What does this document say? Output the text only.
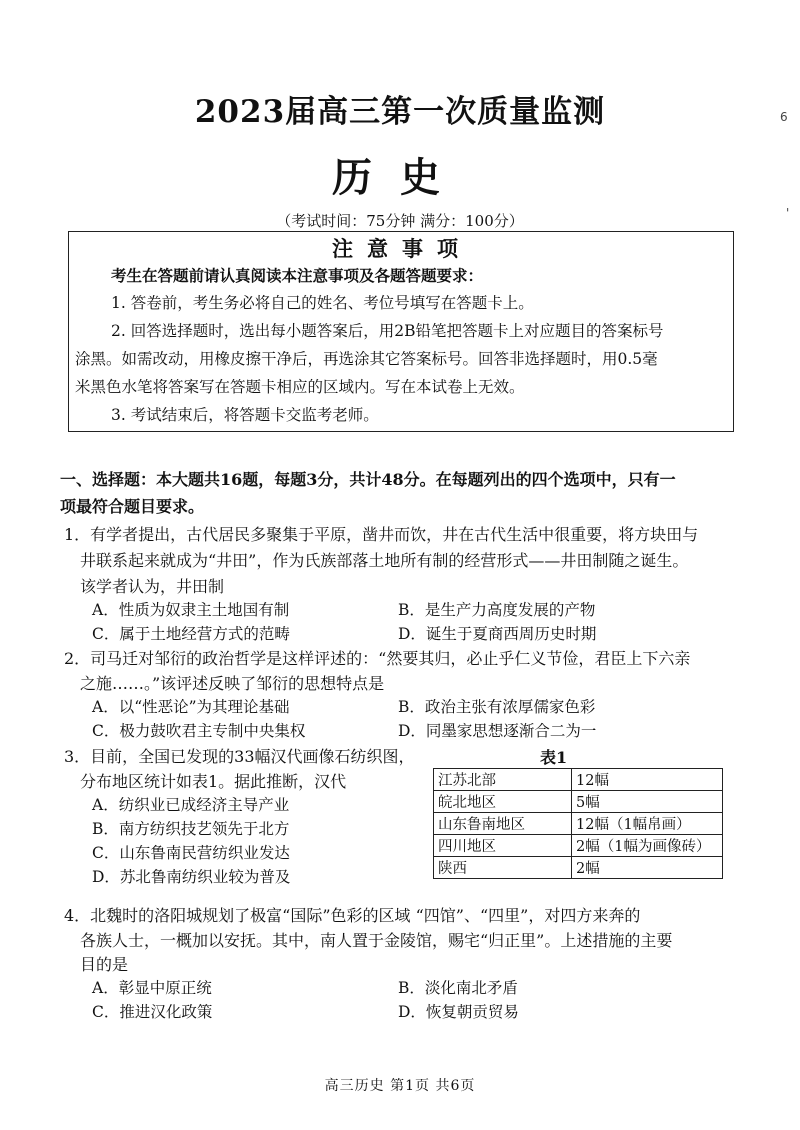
2023届高三第一次质量监测	6
历史
（考试时间：75分钟 满分：100分）	'
注意事项
考生在答题前请认真阅读本注意事项及各题答题要求：
1. 答卷前，考生务必将自己的姓名、考位号填写在答题卡上。
2. 回答选择题时，选出每小题答案后，用2B铅笔把答题卡上对应题目的答案标号
涂黑。如需改动，用橡皮擦干净后，再选涂其它答案标号。回答非选择题时，用0.5毫
米黑色水笔将答案写在答题卡相应的区域内。写在本试卷上无效。
3. 考试结束后，将答题卡交监考老师。
一、选择题：本大题共16题，每题3分，共计48分。在每题列出的四个选项中，只有一
项最符合题目要求。
1．有学者提出，古代居民多聚集于平原，凿井而饮，井在古代生活中很重要，将方块田与
井联系起来就成为“井田”，作为氏族部落土地所有制的经营形式——井田制随之诞生。
该学者认为，井田制
A．性质为奴隶主土地国有制	B．是生产力高度发展的产物
C．属于土地经营方式的范畴	D．诞生于夏商西周历史时期
2．司马迁对邹衍的政治哲学是这样评述的：“然要其归，必止乎仁义节俭，君臣上下六亲
之施……。”该评述反映了邹衍的思想特点是
A．以“性恶论”为其理论基础	B．政治主张有浓厚儒家色彩
C．极力鼓吹君主专制中央集权	D．同墨家思想逐渐合二为一
3．目前，全国已发现的33幅汉代画像石纺织图，
分布地区统计如表1。据此推断，汉代
A．纺织业已成经济主导产业
B．南方纺织技艺领先于北方
C．山东鲁南民营纺织业发达
D．苏北鲁南纺织业较为普及
表1
江苏北部	12幅
皖北地区	5幅
山东鲁南地区	12幅（1幅帛画）
四川地区	2幅（1幅为画像砖）
陕西	2幅
4．北魏时的洛阳城规划了极富“国际”色彩的区域 “四馆”、“四里”，对四方来奔的
各族人士，一概加以安抚。其中，南人置于金陵馆，赐宅“归正里”。上述措施的主要
目的是
A．彰显中原正统	B．淡化南北矛盾
C．推进汉化政策	D．恢复朝贡贸易
高三历史 第1页 共6页
